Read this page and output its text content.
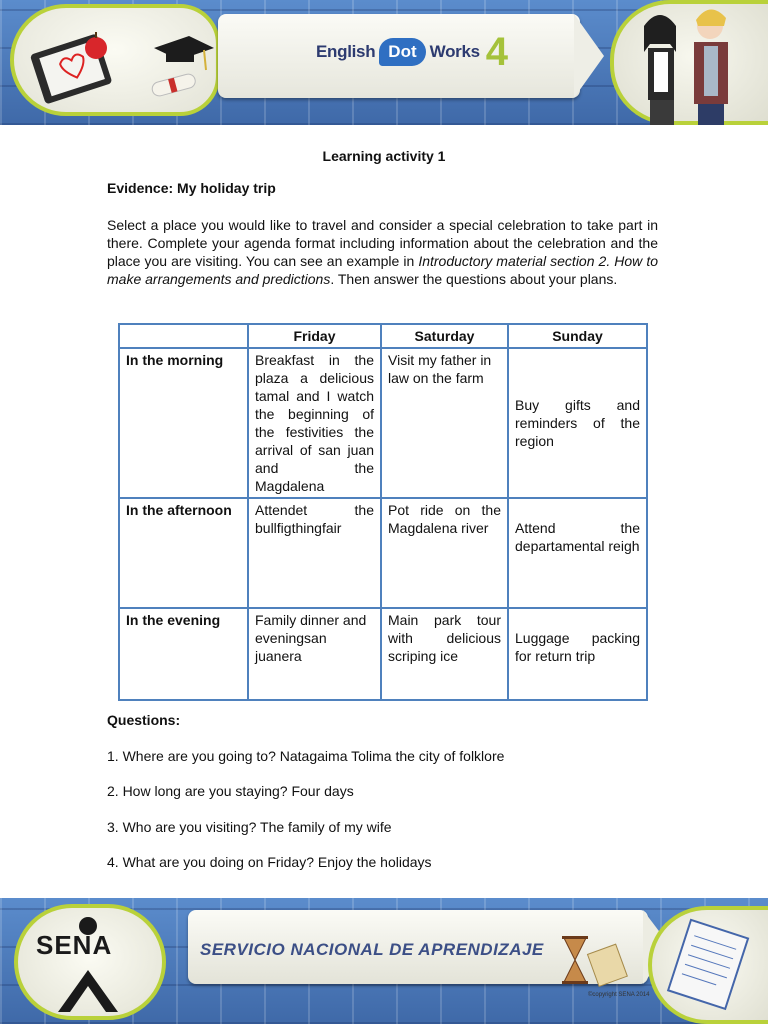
English Dot Works 4
Learning activity 1
Evidence: My holiday trip
Select a place you would like to travel and consider a special celebration to take part in there. Complete your agenda format including information about the celebration and the place you are visiting. You can see an example in Introductory material section 2. How to make arrangements and predictions. Then answer the questions about your plans.
	Friday	Saturday	Sunday
In the morning	Breakfast in the plaza a delicious tamal and I watch the beginning of the festivities the arrival of san juan and the Magdalena	Visit my father in law on the farm	Buy gifts and reminders of the region

In the afternoon	Attendet the bullfigthingfair	Pot ride on the Magdalena river	Attend the departamental reigh

In the evening	Family dinner and eveningsan juanera	Main park tour with delicious scriping ice	Luggage packing for return trip
Questions:
1. Where are you going to? Natagaima Tolima the city of folklore
2. How long are you staying? Four days
3. Who are you visiting? The family of my wife
4. What are you doing on Friday? Enjoy the holidays
SENA	SERVICIO NACIONAL DE APRENDIZAJE
©copyright SENA 2014
